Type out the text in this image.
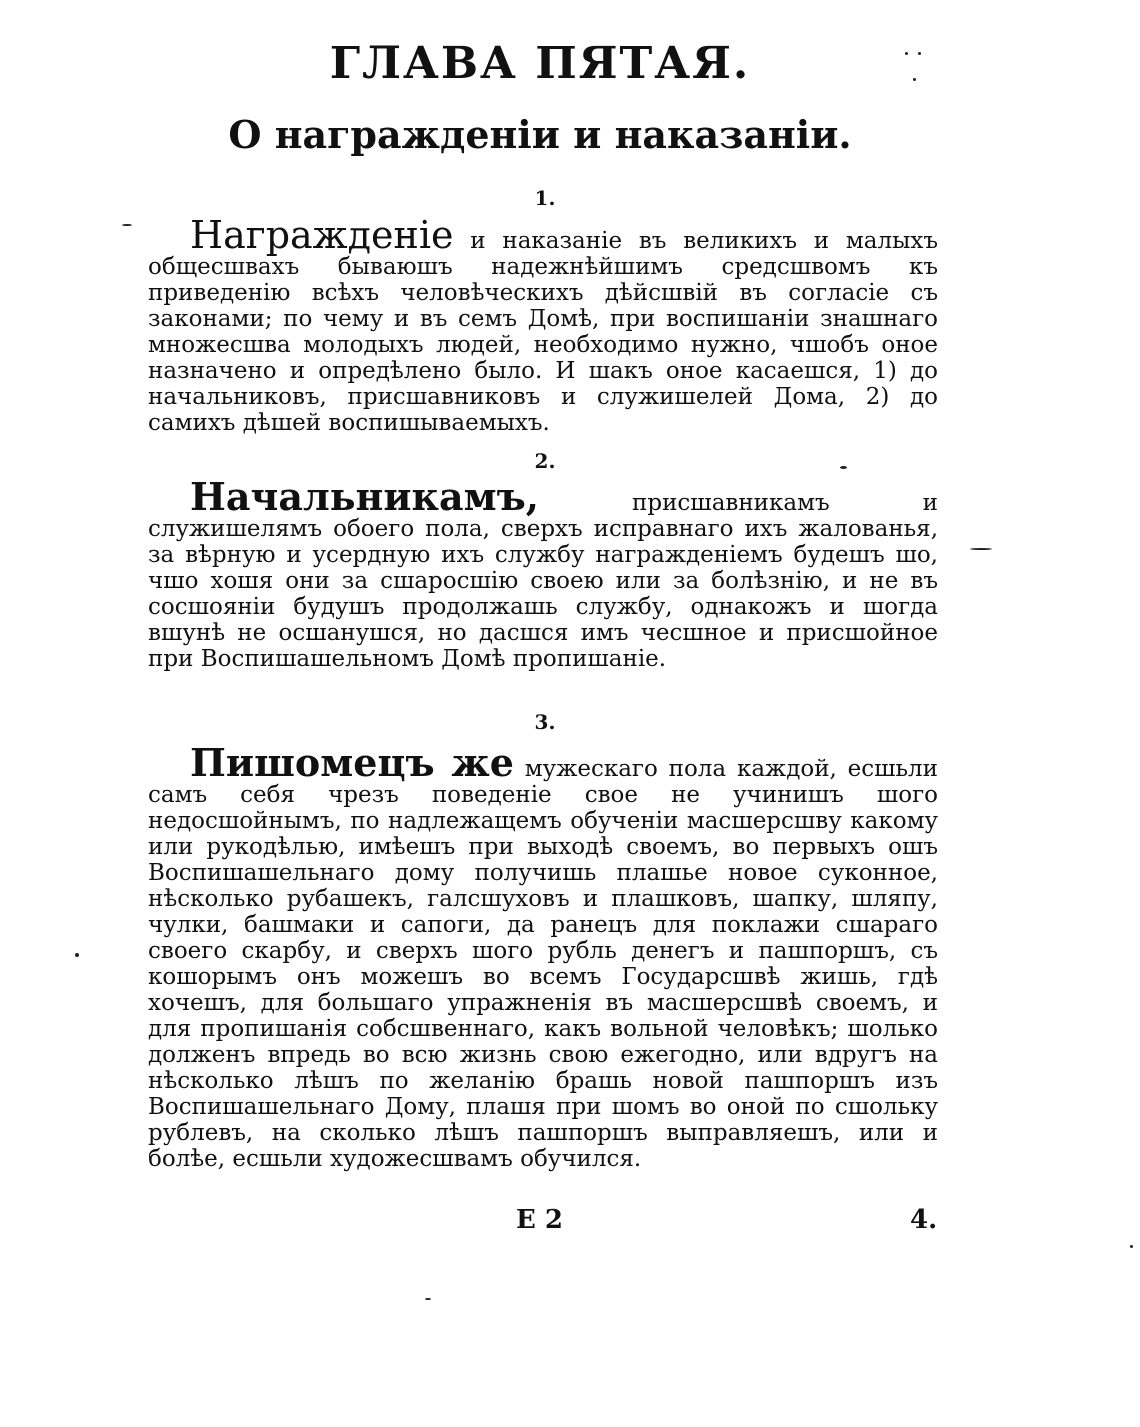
ГЛАВА ПЯТАЯ.
О награжденіи и наказаніи.
1.

Награжденіе и наказаніе въ великихъ и малыхъ общесшвахъ бываюшъ надежнѣйшимъ средсшвомъ къ приведенію всѣхъ человѣческихъ дѣйсшвій въ согласіе съ законами; по чему и въ семъ Домѣ, при воспишаніи знашнаго множесшва молодыхъ людей, необходимо нужно, чшобъ оное назначено и опредѣлено было. И шакъ оное касаешся, 1) до начальниковъ, присшавниковъ и служишелей Дома, 2) до самихъ дѣшей воспишываемыхъ.

2.

Начальникамъ,	присшавникамъ и служишелямъ обоего пола, сверхъ исправнаго ихъ жалованья, за вѣрную и усердную ихъ службу награжденіемъ будешъ шо, чшо хошя они за сшаросшію своею или за болѣзнію, и не въ сосшояніи будушъ продолжашь службу, однакожъ и шогда вшунѣ не осшанушся, но дасшся имъ чесшное и присшойное при Воспишашельномъ Домѣ пропишаніе.

3.

Пишомецъ же мужескаго пола каждой, есшьли самъ себя чрезъ поведеніе свое не учинишъ шого недосшойнымъ, по надлежащемъ обученіи масшерсшву какому или рукодѣлью, имѣешъ при выходѣ своемъ, во первыхъ ошъ Воспишашельнаго дому получишь плашье новое суконное, нѣсколько рубашекъ, галсшуховъ и плашковъ, шапку, шляпу, чулки, башмаки и сапоги, да ранецъ для поклажи сшараго своего скарбу, и сверхъ шого рубль денегъ и пашпоршъ, съ кошорымъ онъ можешъ во всемъ Государсшвѣ жишь, гдѣ хочешъ, для большаго упражненія въ масшерсшвѣ своемъ, и для пропишанія собсшвеннаго, какъ вольной человѣкъ; шолько долженъ впредь во всю жизнь свою ежегодно, или вдругъ на нѣсколько лѣшъ по желанію брашь новой пашпоршъ изъ Воспишашельнаго Дому, плашя при шомъ во оной по сшольку рублевъ, на сколько лѣшъ пашпоршъ выправляешъ, или и болѣе, есшьли художесшвамъ обучился.

Е 2	4.
